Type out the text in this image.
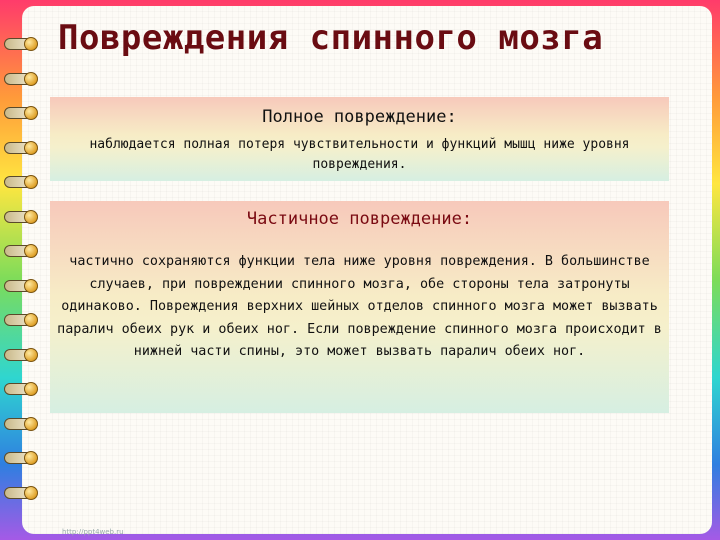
Повреждения спинного мозга
Полное повреждение:

наблюдается полная потеря чувствительности и функций мышц ниже уровня повреждения.

Частичное повреждение:

частично сохраняются функции тела ниже уровня повреждения. В большинстве случаев, при повреждении спинного мозга, обе стороны тела затронуты одинаково. Повреждения верхних шейных отделов спинного мозга может вызвать паралич обеих рук и обеих ног. Если повреждение спинного мозга происходит в нижней части спины, это может вызвать паралич обеих ног.

http://ppt4web.ru
